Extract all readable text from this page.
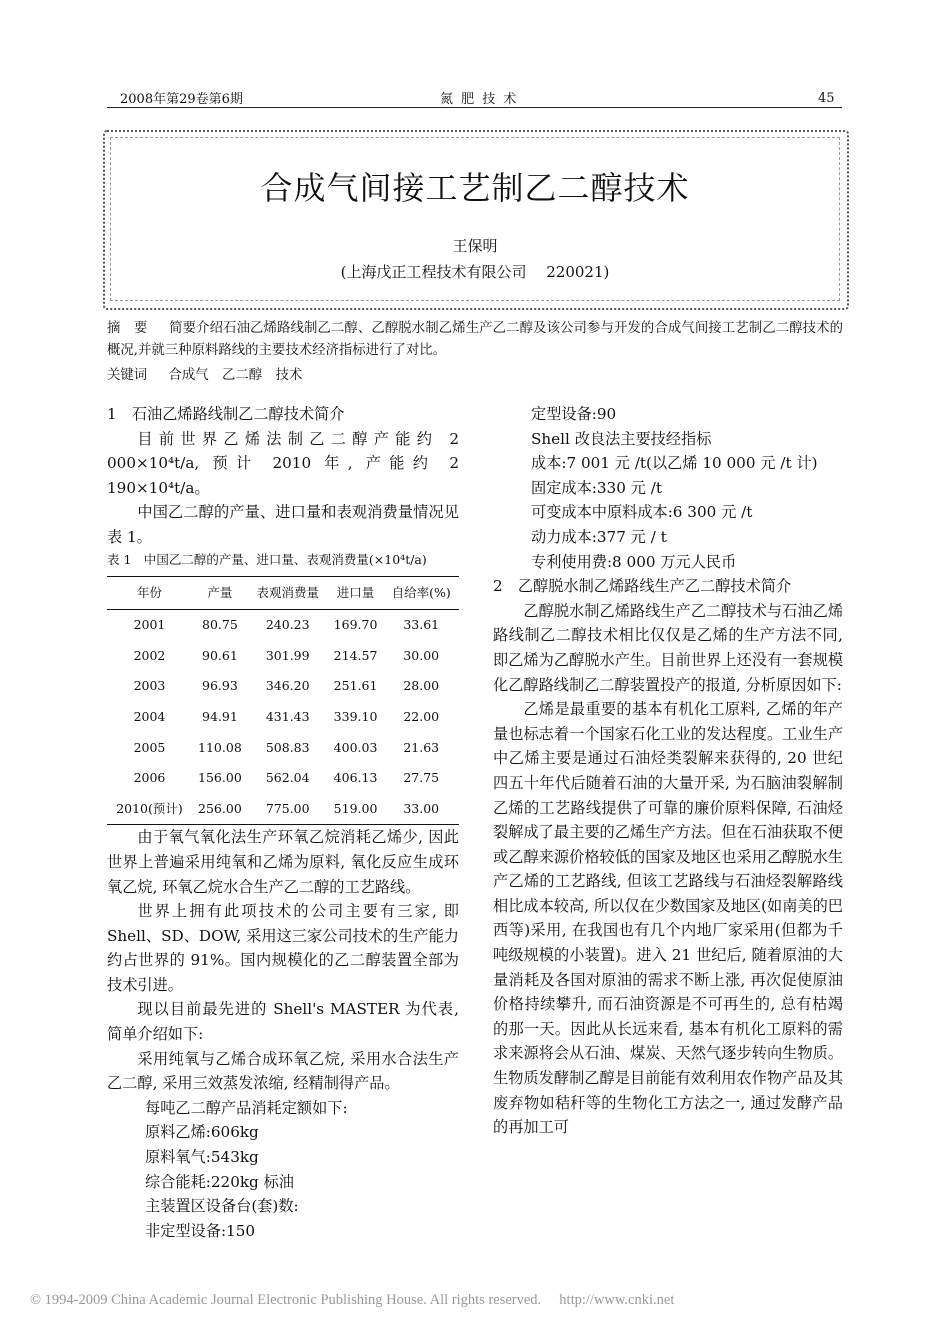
2008年第29卷第6期	氮 肥 技 术	45
合成气间接工艺制乙二醇技术
王保明
(上海戊正工程技术有限公司　 220021)
摘　要 简要介绍石油乙烯路线制乙二醇、乙醇脱水制乙烯生产乙二醇及该公司参与开发的合成气间接工艺制乙二醇技术的概况,并就三种原料路线的主要技术经济指标进行了对比。
关键词 合成气　乙二醇　技术

1　石油乙烯路线制乙二醇技术简介

目前世界乙烯法制乙二醇产能约 2 000×10⁴t/a, 预计 2010 年, 产能约 2 190×10⁴t/a。

中国乙二醇的产量、进口量和表观消费量情况见表 1。

表 1　中国乙二醇的产量、进口量、表观消费量(×10⁴t/a)

年份	产量	表观消费量	进口量	自给率(%)
2001	80.75	240.23	169.70	33.61
2002	90.61	301.99	214.57	30.00
2003	96.93	346.20	251.61	28.00
2004	94.91	431.43	339.10	22.00
2005	110.08	508.83	400.03	21.63
2006	156.00	562.04	406.13	27.75
2010(预计)	256.00	775.00	519.00	33.00

由于氧气氧化法生产环氧乙烷消耗乙烯少, 因此世界上普遍采用纯氧和乙烯为原料, 氧化反应生成环氧乙烷, 环氧乙烷水合生产乙二醇的工艺路线。

世界上拥有此项技术的公司主要有三家, 即 Shell、SD、DOW, 采用这三家公司技术的生产能力约占世界的 91%。国内规模化的乙二醇装置全部为技术引进。

现以目前最先进的 Shell's MASTER 为代表, 简单介绍如下:

采用纯氧与乙烯合成环氧乙烷, 采用水合法生产乙二醇, 采用三效蒸发浓缩, 经精制得产品。

每吨乙二醇产品消耗定额如下:

原料乙烯:606kg

原料氧气:543kg

综合能耗:220kg 标油

主装置区设备台(套)数:

非定型设备:150

定型设备:90

Shell 改良法主要技经指标

成本:7 001 元 /t(以乙烯 10 000 元 /t 计)

固定成本:330 元 /t

可变成本中原料成本:6 300 元 /t

动力成本:377 元 / t

专利使用费:8 000 万元人民币

2　乙醇脱水制乙烯路线生产乙二醇技术简介

乙醇脱水制乙烯路线生产乙二醇技术与石油乙烯路线制乙二醇技术相比仅仅是乙烯的生产方法不同, 即乙烯为乙醇脱水产生。目前世界上还没有一套规模化乙醇路线制乙二醇装置投产的报道, 分析原因如下:

乙烯是最重要的基本有机化工原料, 乙烯的年产量也标志着一个国家石化工业的发达程度。工业生产中乙烯主要是通过石油烃类裂解来获得的, 20 世纪四五十年代后随着石油的大量开采, 为石脑油裂解制乙烯的工艺路线提供了可靠的廉价原料保障, 石油烃裂解成了最主要的乙烯生产方法。但在石油获取不便或乙醇来源价格较低的国家及地区也采用乙醇脱水生产乙烯的工艺路线, 但该工艺路线与石油烃裂解路线相比成本较高, 所以仅在少数国家及地区(如南美的巴西等)采用, 在我国也有几个内地厂家采用(但都为千吨级规模的小装置)。进入 21 世纪后, 随着原油的大量消耗及各国对原油的需求不断上涨, 再次促使原油价格持续攀升, 而石油资源是不可再生的, 总有枯竭的那一天。因此从长远来看, 基本有机化工原料的需求来源将会从石油、煤炭、天然气逐步转向生物质。生物质发酵制乙醇是目前能有效利用农作物产品及其废弃物如秸秆等的生物化工方法之一, 通过发酵产品的再加工可

© 1994-2009 China Academic Journal Electronic Publishing House. All rights reserved.　 http://www.cnki.net
